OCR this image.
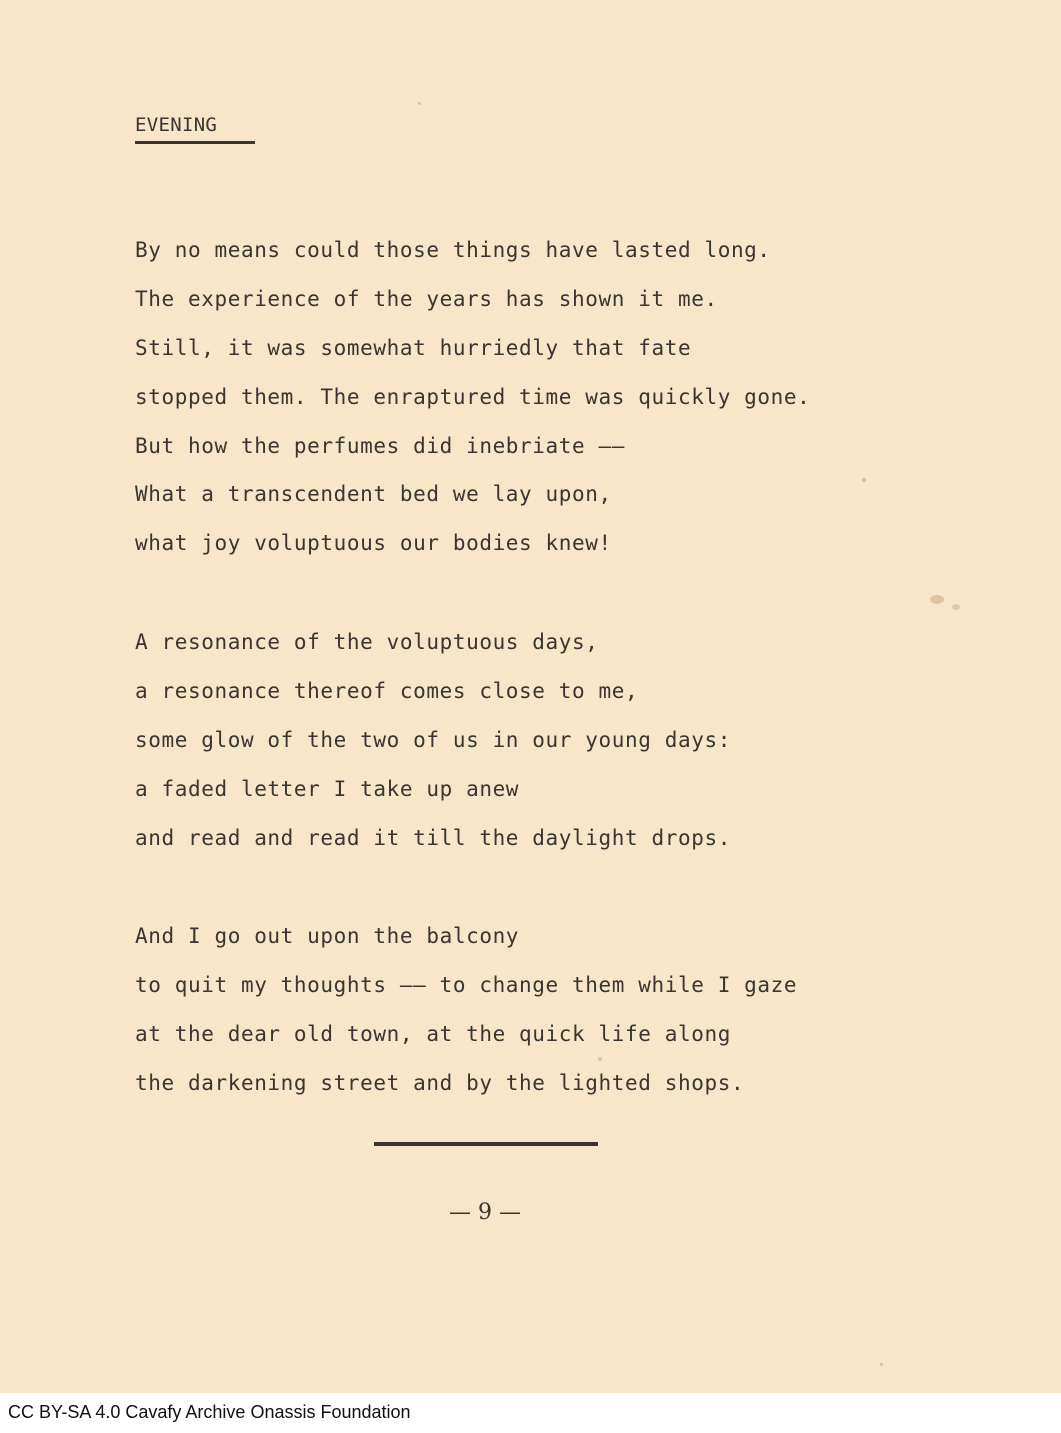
EVENING
By no means could those things have lasted long.
The experience of the years has shown it me.
Still, it was somewhat hurriedly that fate
stopped them. The enraptured time was quickly gone.
But how the perfumes did inebriate ——
What a transcendent bed we lay upon,
what joy voluptuous our bodies knew!
A resonance of the voluptuous days,
a resonance thereof comes close to me,
some glow of the two of us in our young days:
a faded letter I take up anew
and read and read it till the daylight drops.
And I go out upon the balcony
to quit my thoughts —— to change them while I gaze
at the dear old town, at the quick life along
the darkening street and by the lighted shops.
— 9 —
CC BY-SA 4.0 Cavafy Archive Onassis Foundation
